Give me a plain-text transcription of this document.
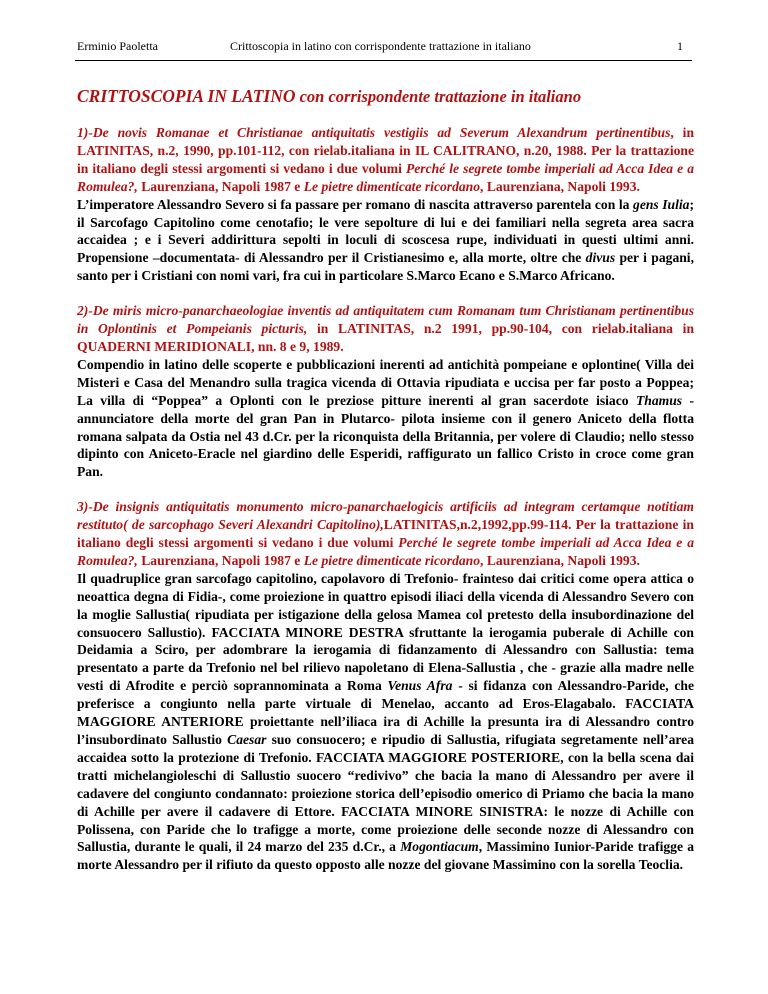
Erminio Paoletta	Crittoscopia in latino con corrispondente trattazione in italiano	1
CRITTOSCOPIA IN LATINO con corrispondente trattazione in italiano

1)-De novis Romanae et Christianae antiquitatis vestigiis ad Severum Alexandrum pertinentibus, in LATINITAS, n.2, 1990, pp.101-112, con rielab.italiana in IL CALITRANO, n.20, 1988. Per la trattazione in italiano degli stessi argomenti si vedano i due volumi Perché le segrete tombe imperiali ad Acca Idea e a Romulea?, Laurenziana, Napoli 1987 e Le pietre dimenticate ricordano, Laurenziana, Napoli 1993.

L’imperatore Alessandro Severo si fa passare per romano di nascita attraverso parentela con la gens Iulia; il Sarcofago Capitolino come cenotafio; le vere sepolture di lui e dei familiari nella segreta area sacra accaidea ; e i Severi addirittura sepolti in loculi di scoscesa rupe, individuati in questi ultimi anni. Propensione –documentata- di Alessandro per il Cristianesimo e, alla morte, oltre che divus per i pagani, santo per i Cristiani con nomi vari, fra cui in particolare S.Marco Ecano e S.Marco Africano.

2)-De miris micro-panarchaeologiae inventis ad antiquitatem cum Romanam tum Christianam pertinentibus in Oplontinis et Pompeianis picturis, in LATINITAS, n.2 1991, pp.90-104, con rielab.italiana in QUADERNI MERIDIONALI, nn. 8 e 9, 1989.

Compendio in latino delle scoperte e pubblicazioni inerenti ad antichità pompeiane e oplontine( Villa dei Misteri e Casa del Menandro sulla tragica vicenda di Ottavia ripudiata e uccisa per far posto a Poppea; La villa di “Poppea” a Oplonti con le preziose pitture inerenti al gran sacerdote isiaco Thamus -annunciatore della morte del gran Pan in Plutarco- pilota insieme con il genero Aniceto della flotta romana salpata da Ostia nel 43 d.Cr. per la riconquista della Britannia, per volere di Claudio; nello stesso dipinto con Aniceto-Eracle nel giardino delle Esperidi, raffigurato un fallico Cristo in croce come gran Pan.

3)-De insignis antiquitatis monumento micro-panarchaelogicis artificiis ad integram certamque notitiam restituto( de sarcophago Severi Alexandri Capitolino),LATINITAS,n.2,1992,pp.99-114. Per la trattazione in italiano degli stessi argomenti si vedano i due volumi Perché le segrete tombe imperiali ad Acca Idea e a Romulea?, Laurenziana, Napoli 1987 e Le pietre dimenticate ricordano, Laurenziana, Napoli 1993.

Il quadruplice gran sarcofago capitolino, capolavoro di Trefonio- frainteso dai critici come opera attica o neoattica degna di Fidia-, come proiezione in quattro episodi iliaci della vicenda di Alessandro Severo con la moglie Sallustia( ripudiata per istigazione della gelosa Mamea col pretesto della insubordinazione del consuocero Sallustio). FACCIATA MINORE DESTRA sfruttante la ierogamia puberale di Achille con Deidamia a Sciro, per adombrare la ierogamia di fidanzamento di Alessandro con Sallustia: tema presentato a parte da Trefonio nel bel rilievo napoletano di Elena-Sallustia , che - grazie alla madre nelle vesti di Afrodite e perciò soprannominata a Roma Venus Afra - si fidanza con Alessandro-Paride, che preferisce a congiunto nella parte virtuale di Menelao, accanto ad Eros-Elagabalo. FACCIATA MAGGIORE ANTERIORE proiettante nell’iliaca ira di Achille la presunta ira di Alessandro contro l’insubordinato Sallustio Caesar suo consuocero; e ripudio di Sallustia, rifugiata segretamente nell’area accaidea sotto la protezione di Trefonio. FACCIATA MAGGIORE POSTERIORE, con la bella scena dai tratti michelangioleschi di Sallustio suocero “redivivo” che bacia la mano di Alessandro per avere il cadavere del congiunto condannato: proiezione storica dell’episodio omerico di Priamo che bacia la mano di Achille per avere il cadavere di Ettore. FACCIATA MINORE SINISTRA: le nozze di Achille con Polissena, con Paride che lo trafigge a morte, come proiezione delle seconde nozze di Alessandro con Sallustia, durante le quali, il 24 marzo del 235 d.Cr., a Mogontiacum, Massimino Iunior-Paride trafigge a morte Alessandro per il rifiuto da questo opposto alle nozze del giovane Massimino con la sorella Teoclia.
